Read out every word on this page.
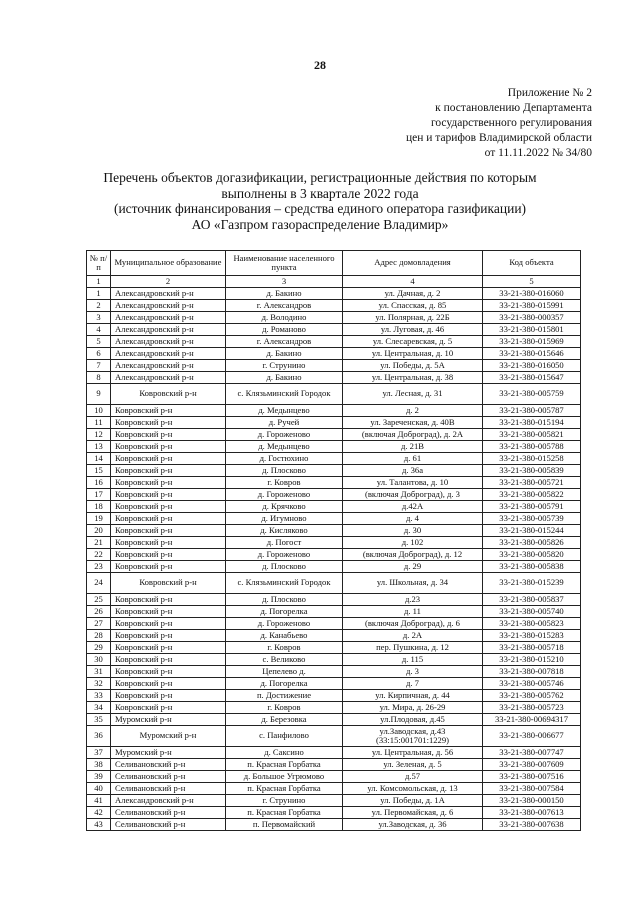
28
Приложение № 2
к постановлению Департамента
государственного регулирования
цен и тарифов Владимирской области
от 11.11.2022 № 34/80
Перечень объектов догазификации, регистрационные действия по которым
выполнены в 3 квартале 2022 года
(источник финансирования – средства единого оператора газификации)
АО «Газпром газораспределение Владимир»
№ п/п	Муниципальное образование	Наименование населенного пункта	Адрес домовладения	Код объекта
1	2	3	4	5
1	Александровский р-н	д. Бакино	ул. Дачная, д. 2	33-21-380-016060
2	Александровский р-н	г. Александров	ул. Спасская, д. 85	33-21-380-015991
3	Александровский р-н	д. Володино	ул. Полярная, д. 22Б	33-21-380-000357
4	Александровский р-н	д. Романово	ул. Луговая, д. 46	33-21-380-015801
5	Александровский р-н	г. Александров	ул. Слесаревская, д. 5	33-21-380-015969
6	Александровский р-н	д. Бакино	ул. Центральная, д. 10	33-21-380-015646
7	Александровский р-н	г. Струнино	ул. Победы, д. 5А	33-21-380-016050
8	Александровский р-н	д. Бакино	ул. Центральная, д. 38	33-21-380-015647
9	Ковровский р-н	с. Клязьминский Городок	ул. Лесная, д. 31	33-21-380-005759
10	Ковровский р-н	д. Медынцево	д. 2	33-21-380-005787
11	Ковровский р-н	д. Ручей	ул. Зареченская, д. 40В	33-21-380-015194
12	Ковровский р-н	д. Гороженово	(включая Доброград), д. 2А	33-21-380-005821
13	Ковровский р-н	д. Медынцево	д. 21В	33-21-380-005788
14	Ковровский р-н	д. Гостюхино	д. 61	33-21-380-015258
15	Ковровский р-н	д. Плосково	д. 36а	33-21-380-005839
16	Ковровский р-н	г. Ковров	ул. Талантова, д. 10	33-21-380-005721
17	Ковровский р-н	д. Гороженово	(включая Доброград), д. 3	33-21-380-005822
18	Ковровский р-н	д. Крячково	д.42А	33-21-380-005791
19	Ковровский р-н	д. Игумново	д. 4	33-21-380-005739
20	Ковровский р-н	д. Кисляково	д. 30	33-21-380-015244
21	Ковровский р-н	д. Погост	д. 102	33-21-380-005826
22	Ковровский р-н	д. Гороженово	(включая Доброград), д. 12	33-21-380-005820
23	Ковровский р-н	д. Плосково	д. 29	33-21-380-005838
24	Ковровский р-н	с. Клязьминский Городок	ул. Школьная, д. 34	33-21-380-015239
25	Ковровский р-н	д. Плосково	д.23	33-21-380-005837
26	Ковровский р-н	д. Погорелка	д. 11	33-21-380-005740
27	Ковровский р-н	д. Гороженово	(включая Доброград), д. 6	33-21-380-005823
28	Ковровский р-н	д. Канабьево	д. 2А	33-21-380-015283
29	Ковровский р-н	г. Ковров	пер. Пушкина, д. 12	33-21-380-005718
30	Ковровский р-н	с. Великово	д. 115	33-21-380-015210
31	Ковровский р-н	Цепелево д.	д. 3	33-21-380-007818
32	Ковровский р-н	д. Погорелка	д. 7	33-21-380-005746
33	Ковровский р-н	п. Достижение	ул. Кирпичная, д. 44	33-21-380-005762
34	Ковровский р-н	г. Ковров	ул. Мира, д. 26-29	33-21-380-005723
35	Муромский р-н	д. Березовка	ул.Плодовая, д.45	33-21-380-00694317
36	Муромский р-н	с. Панфилово	ул.Заводская, д.43 (33:15:001701:1229)	33-21-380-006677
37	Муромский р-н	д. Саксино	ул. Центральная, д. 56	33-21-380-007747
38	Селивановский р-н	п. Красная Горбатка	ул. Зеленая, д. 5	33-21-380-007609
39	Селивановский р-н	д. Большое Угрюмово	д.57	33-21-380-007516
40	Селивановский р-н	п. Красная Горбатка	ул. Комсомольская, д. 13	33-21-380-007584
41	Александровский р-н	г. Струнино	ул. Победы, д. 1А	33-21-380-000150
42	Селивановский р-н	п. Красная Горбатка	ул. Первомайская, д. 6	33-21-380-007613
43	Селивановский р-н	п. Первомайский	ул.Заводская, д. 36	33-21-380-007638
